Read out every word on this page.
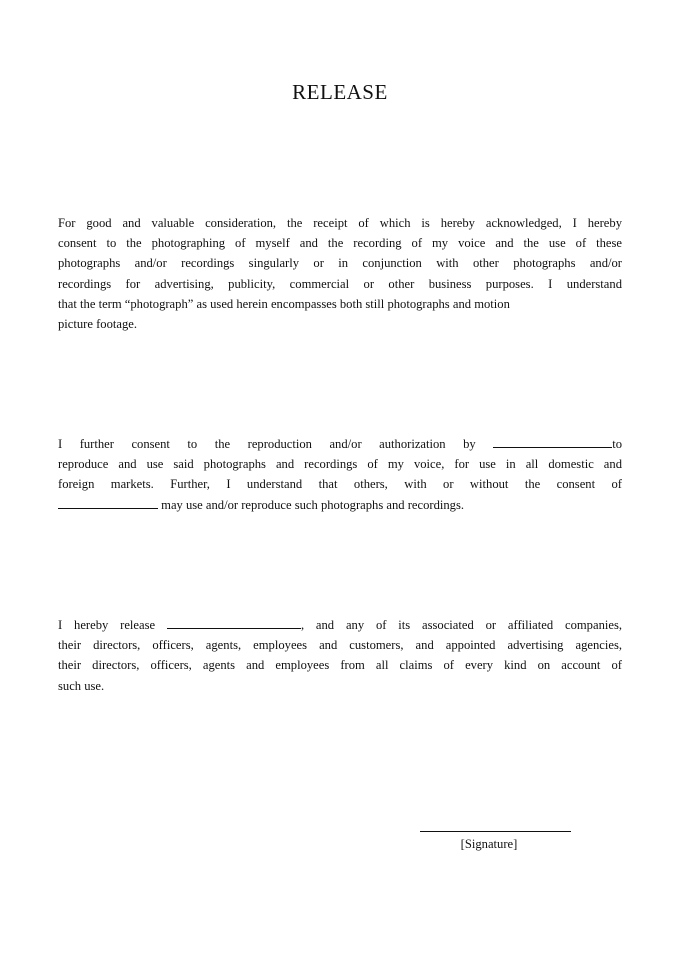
RELEASE
For good and valuable consideration, the receipt of which is hereby acknowledged, I hereby
consent to the photographing of myself and the recording of my voice and the use of these
photographs and/or recordings singularly or in conjunction with other photographs and/or
recordings for advertising, publicity, commercial or other business purposes. I understand
that the term “photograph” as used herein encompasses both still photographs and motion
picture footage.
I further consent to the reproduction and/or authorization by	to
reproduce and use said photographs and recordings of my voice, for use in all domestic and
foreign markets. Further, I understand that others, with or without the consent of
may use and/or reproduce such photographs and recordings.
I hereby release	, and any of its associated or affiliated companies,
their directors, officers, agents, employees and customers, and appointed advertising agencies,
their directors, officers, agents and employees from all claims of every kind on account of
such use.
[Signature]
